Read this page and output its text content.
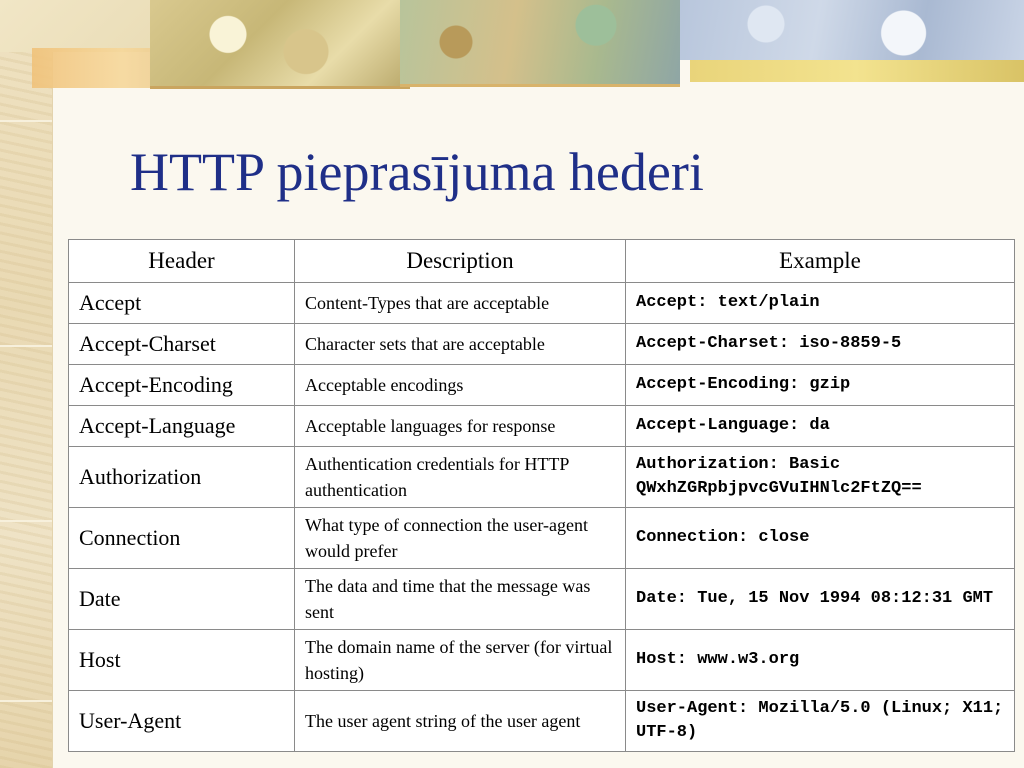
HTTP pieprasījuma hederi
Header	Description	Example
Accept	Content-Types that are acceptable	Accept: text/plain
Accept-Charset	Character sets that are acceptable	Accept-Charset: iso-8859-5
Accept-Encoding	Acceptable encodings	Accept-Encoding: gzip
Accept-Language	Acceptable languages for response	Accept-Language: da
Authorization	Authentication credentials for HTTP authentication	Authorization: Basic QWxhZGRpbjpvcGVuIHNlc2FtZQ==
Connection	What type of connection the user-agent would prefer	Connection: close
Date	The data and time that the message was sent	Date: Tue, 15 Nov 1994 08:12:31 GMT
Host	The domain name of the server (for virtual hosting)	Host: www.w3.org
User-Agent	The user agent string of the user agent	User-Agent: Mozilla/5.0 (Linux; X11; UTF-8)
